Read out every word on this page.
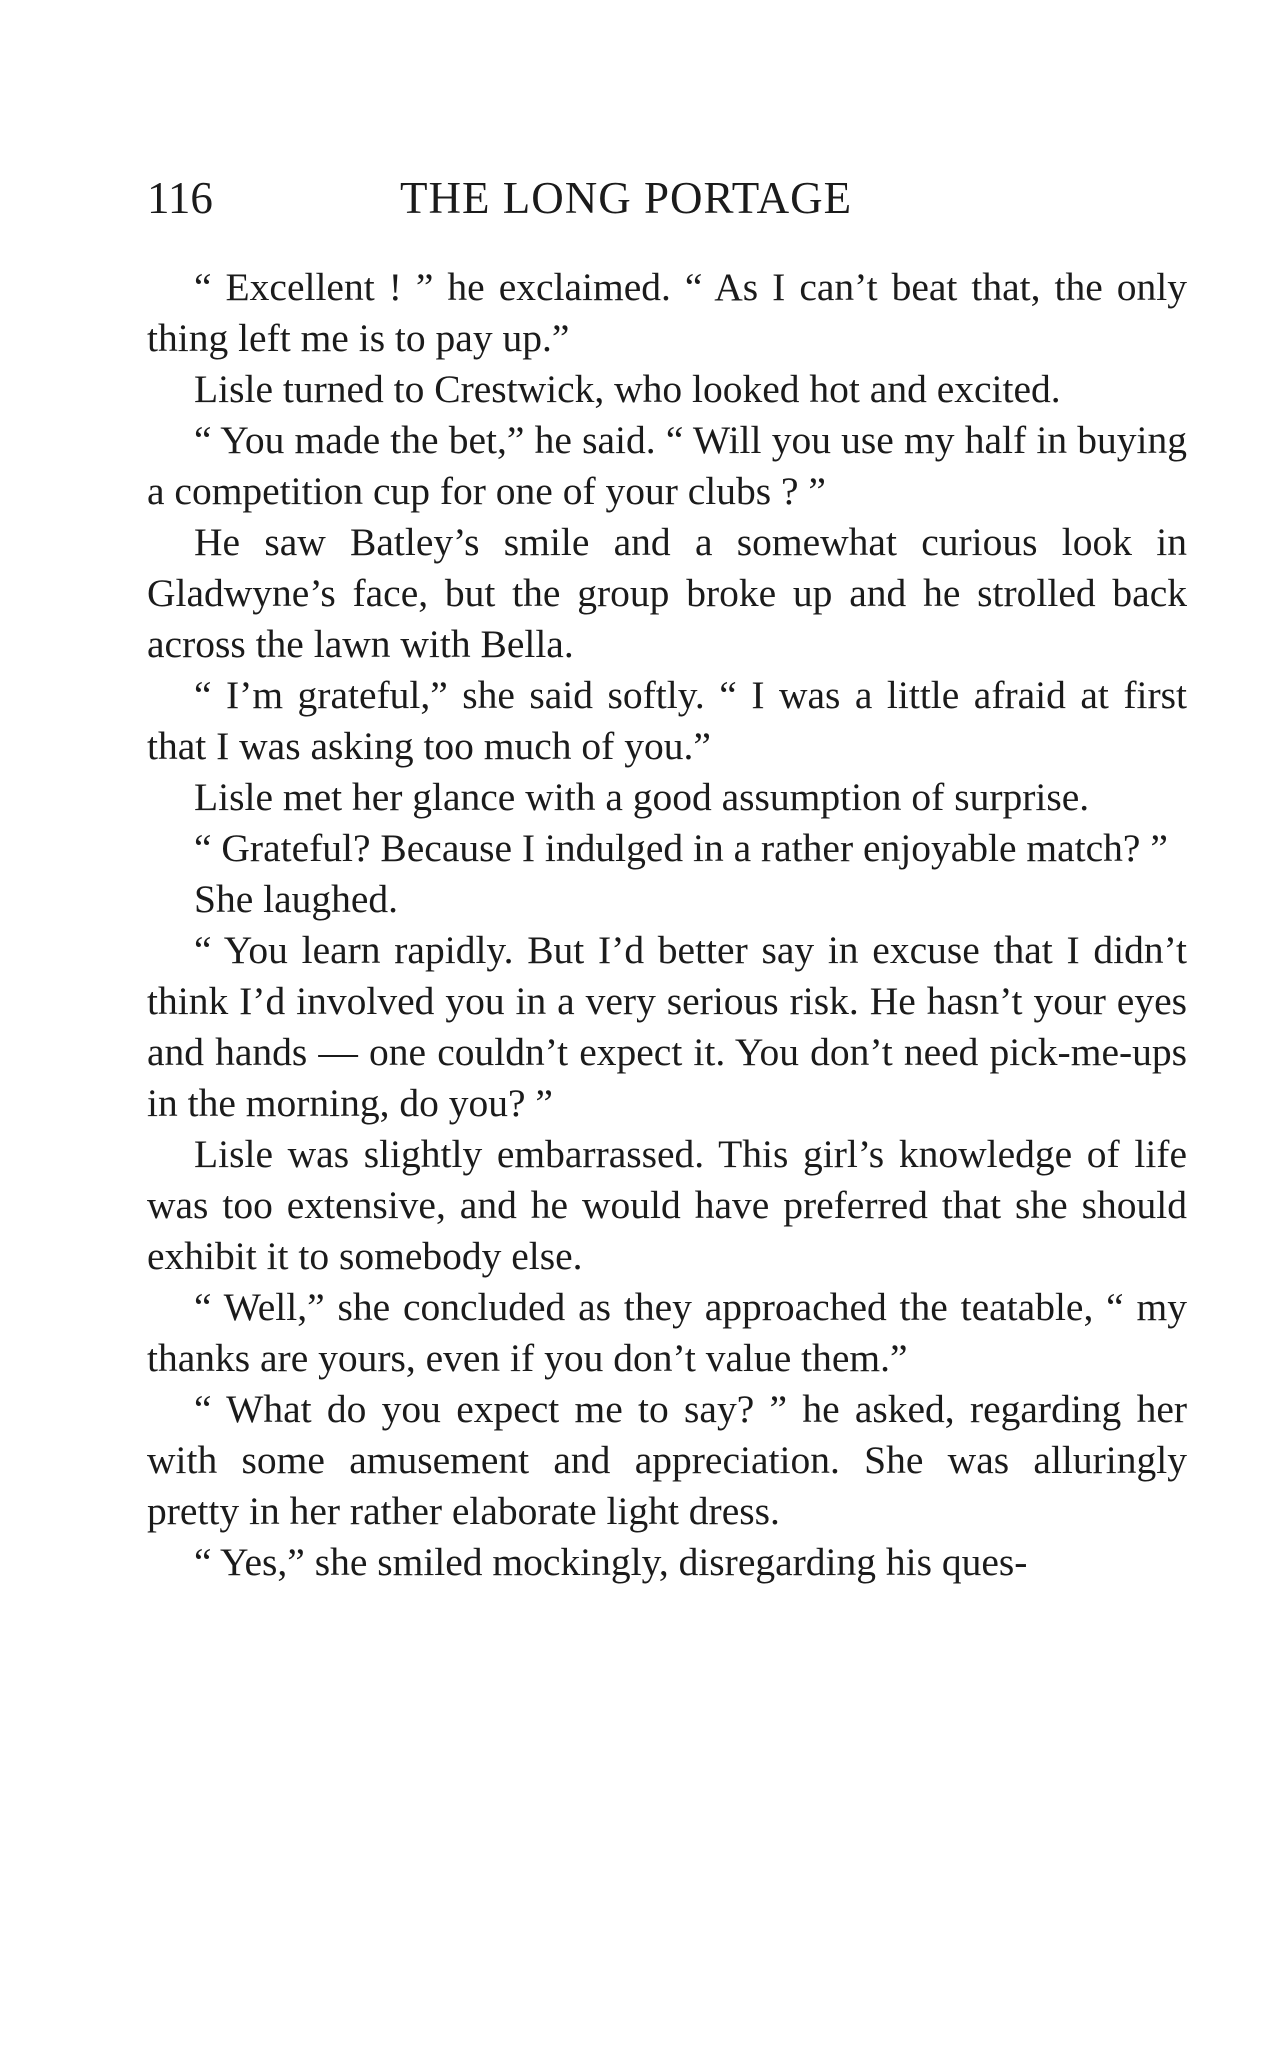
116	THE LONG PORTAGE

“ Excellent ! ” he exclaimed. “ As I can’t beat that, the only thing left me is to pay up.”

Lisle turned to Crestwick, who looked hot and excited.

“ You made the bet,” he said. “ Will you use my half in buying a competition cup for one of your clubs ? ”

He saw Batley’s smile and a somewhat curious look in Gladwyne’s face, but the group broke up and he strolled back across the lawn with Bella.

“ I’m grateful,” she said softly. “ I was a little afraid at first that I was asking too much of you.”

Lisle met her glance with a good assumption of surprise.

“ Grateful? Because I indulged in a rather enjoyable match? ”

She laughed.

“ You learn rapidly. But I’d better say in excuse that I didn’t think I’d involved you in a very serious risk. He hasn’t your eyes and hands — one couldn’t expect it. You don’t need pick-me-ups in the morning, do you? ”

Lisle was slightly embarrassed. This girl’s knowledge of life was too extensive, and he would have preferred that she should exhibit it to somebody else.

“ Well,” she concluded as they approached the teatable, “ my thanks are yours, even if you don’t value them.”

“ What do you expect me to say? ” he asked, regarding her with some amusement and appreciation. She was alluringly pretty in her rather elaborate light dress.

“ Yes,” she smiled mockingly, disregarding his ques-
